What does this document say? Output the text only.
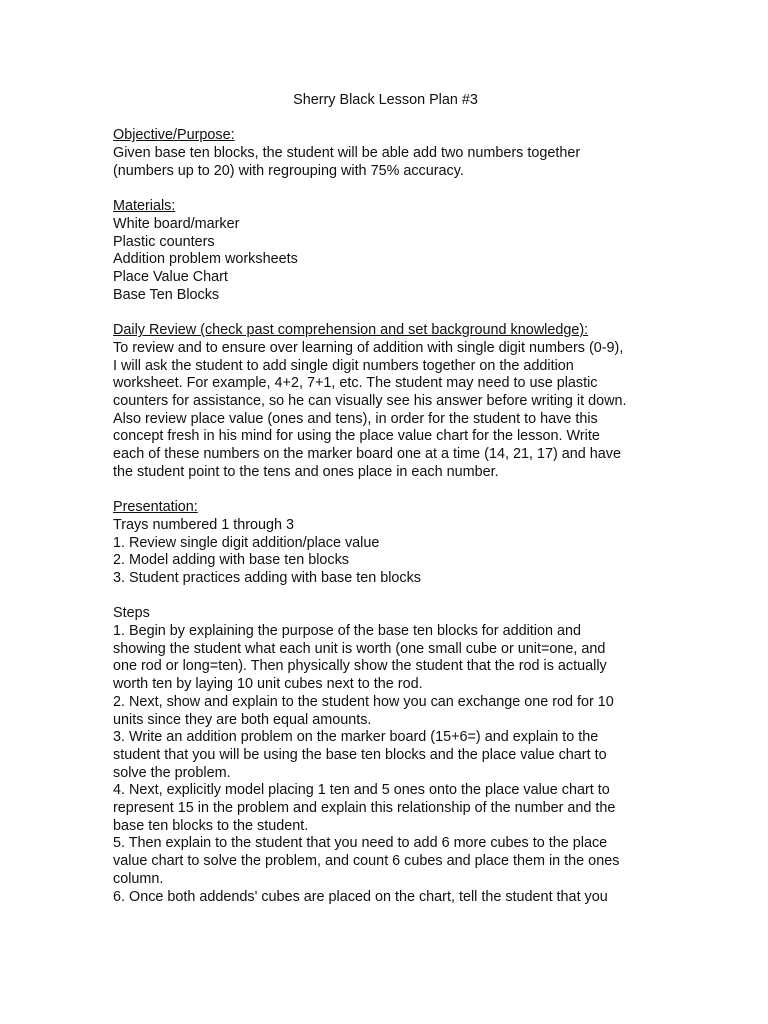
Sherry Black Lesson Plan #3
Objective/Purpose:
Given base ten blocks, the student will be able add two numbers together
(numbers up to 20) with regrouping with 75% accuracy.
Materials:
White board/marker
Plastic counters
Addition problem worksheets
Place Value Chart
Base Ten Blocks
Daily Review (check past comprehension and set background knowledge):
To review and to ensure over learning of addition with single digit numbers (0-9),
I will ask the student to add single digit numbers together on the addition
worksheet. For example, 4+2, 7+1, etc. The student may need to use plastic
counters for assistance, so he can visually see his answer before writing it down.
Also review place value (ones and tens), in order for the student to have this
concept fresh in his mind for using the place value chart for the lesson. Write
each of these numbers on the marker board one at a time (14, 21, 17) and have
the student point to the tens and ones place in each number.
Presentation:
Trays numbered 1 through 3
1. Review single digit addition/place value
2. Model adding with base ten blocks
3. Student practices adding with base ten blocks
Steps
1. Begin by explaining the purpose of the base ten blocks for addition and
showing the student what each unit is worth (one small cube or unit=one, and
one rod or long=ten). Then physically show the student that the rod is actually
worth ten by laying 10 unit cubes next to the rod.
2. Next, show and explain to the student how you can exchange one rod for 10
units since they are both equal amounts.
3. Write an addition problem on the marker board (15+6=) and explain to the
student that you will be using the base ten blocks and the place value chart to
solve the problem.
4. Next, explicitly model placing 1 ten and 5 ones onto the place value chart to
represent 15 in the problem and explain this relationship of the number and the
base ten blocks to the student.
5. Then explain to the student that you need to add 6 more cubes to the place
value chart to solve the problem, and count 6 cubes and place them in the ones
column.
6. Once both addends' cubes are placed on the chart, tell the student that you
